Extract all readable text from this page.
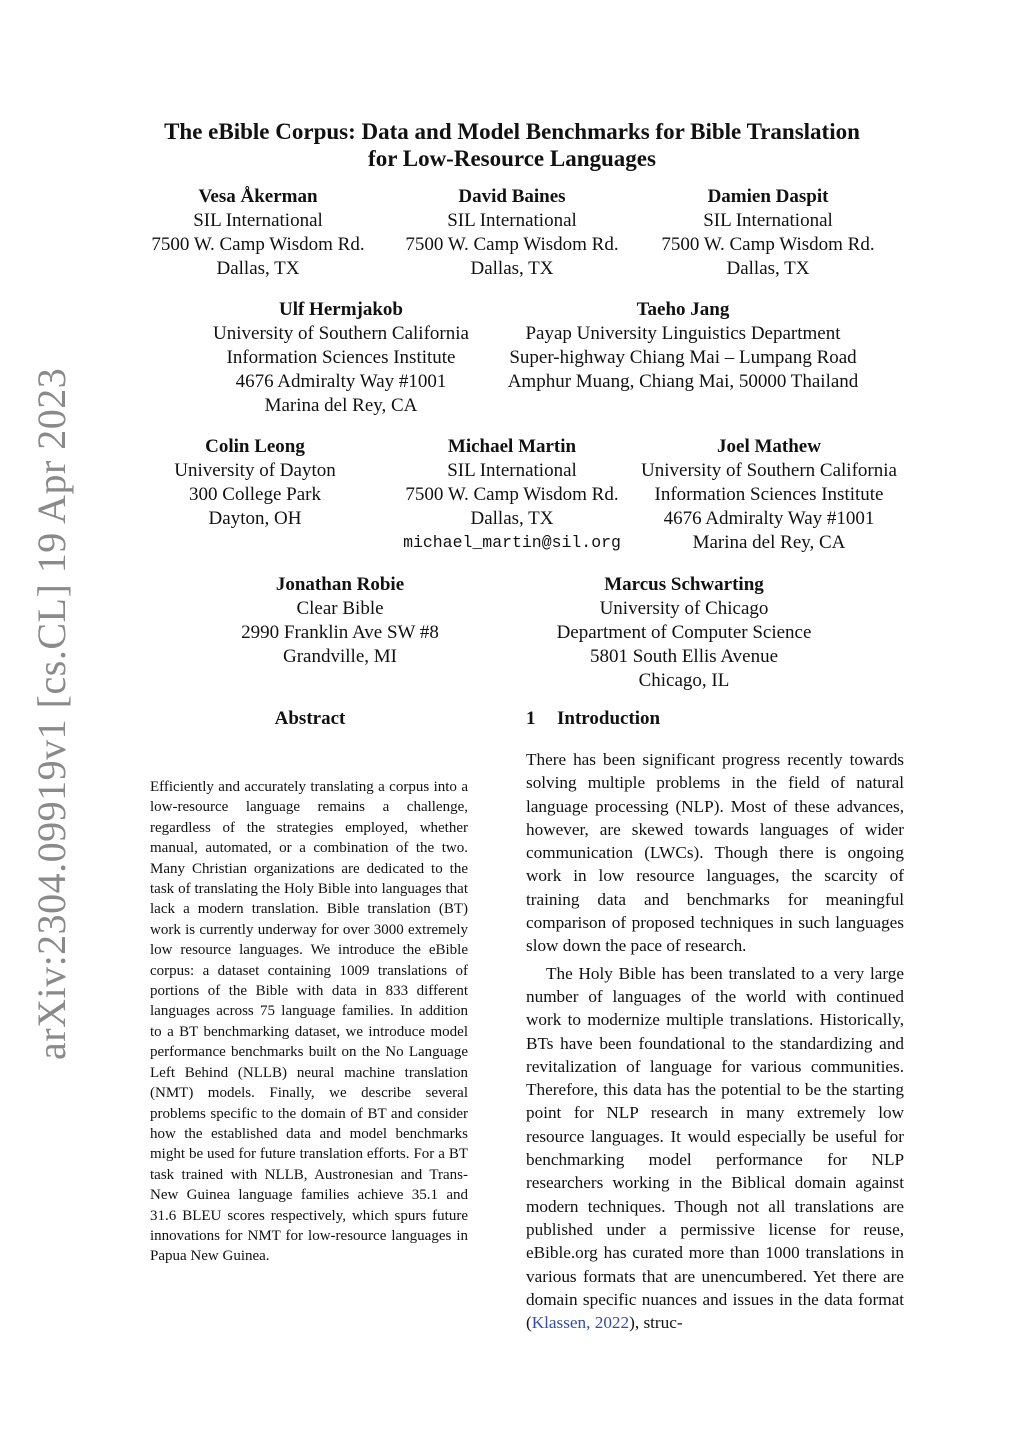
arXiv:2304.09919v1 [cs.CL] 19 Apr 2023
The eBible Corpus: Data and Model Benchmarks for Bible Translation
for Low-Resource Languages
Vesa Åkerman
SIL International
7500 W. Camp Wisdom Rd.
Dallas, TX
David Baines
SIL International
7500 W. Camp Wisdom Rd.
Dallas, TX
Damien Daspit
SIL International
7500 W. Camp Wisdom Rd.
Dallas, TX
Ulf Hermjakob
University of Southern California
Information Sciences Institute
4676 Admiralty Way #1001
Marina del Rey, CA
Taeho Jang
Payap University Linguistics Department
Super-highway Chiang Mai – Lumpang Road
Amphur Muang, Chiang Mai, 50000 Thailand
Colin Leong
University of Dayton
300 College Park
Dayton, OH
Michael Martin
SIL International
7500 W. Camp Wisdom Rd.
Dallas, TX
michael_martin@sil.org
Joel Mathew
University of Southern California
Information Sciences Institute
4676 Admiralty Way #1001
Marina del Rey, CA
Jonathan Robie
Clear Bible
2990 Franklin Ave SW #8
Grandville, MI
Marcus Schwarting
University of Chicago
Department of Computer Science
5801 South Ellis Avenue
Chicago, IL
Abstract
Efficiently and accurately translating a corpus into a low-resource language remains a challenge, regardless of the strategies employed, whether manual, automated, or a combination of the two. Many Christian organizations are dedicated to the task of translating the Holy Bible into languages that lack a modern translation. Bible translation (BT) work is currently underway for over 3000 extremely low resource languages. We introduce the eBible corpus: a dataset containing 1009 translations of portions of the Bible with data in 833 different languages across 75 language families. In addition to a BT benchmarking dataset, we introduce model performance benchmarks built on the No Language Left Behind (NLLB) neural machine translation (NMT) models. Finally, we describe several problems specific to the domain of BT and consider how the established data and model benchmarks might be used for future translation efforts. For a BT task trained with NLLB, Austronesian and Trans-New Guinea language families achieve 35.1 and 31.6 BLEU scores respectively, which spurs future innovations for NMT for low-resource languages in Papua New Guinea.
1 Introduction

There has been significant progress recently towards solving multiple problems in the field of natural language processing (NLP). Most of these advances, however, are skewed towards languages of wider communication (LWCs). Though there is ongoing work in low resource languages, the scarcity of training data and benchmarks for meaningful comparison of proposed techniques in such languages slow down the pace of research.

The Holy Bible has been translated to a very large number of languages of the world with continued work to modernize multiple translations. Historically, BTs have been foundational to the standardizing and revitalization of language for various communities. Therefore, this data has the potential to be the starting point for NLP research in many extremely low resource languages. It would especially be useful for benchmarking model performance for NLP researchers working in the Biblical domain against modern techniques. Though not all translations are published under a permissive license for reuse, eBible.org has curated more than 1000 translations in various formats that are unencumbered. Yet there are domain specific nuances and issues in the data format (Klassen, 2022), struc-
